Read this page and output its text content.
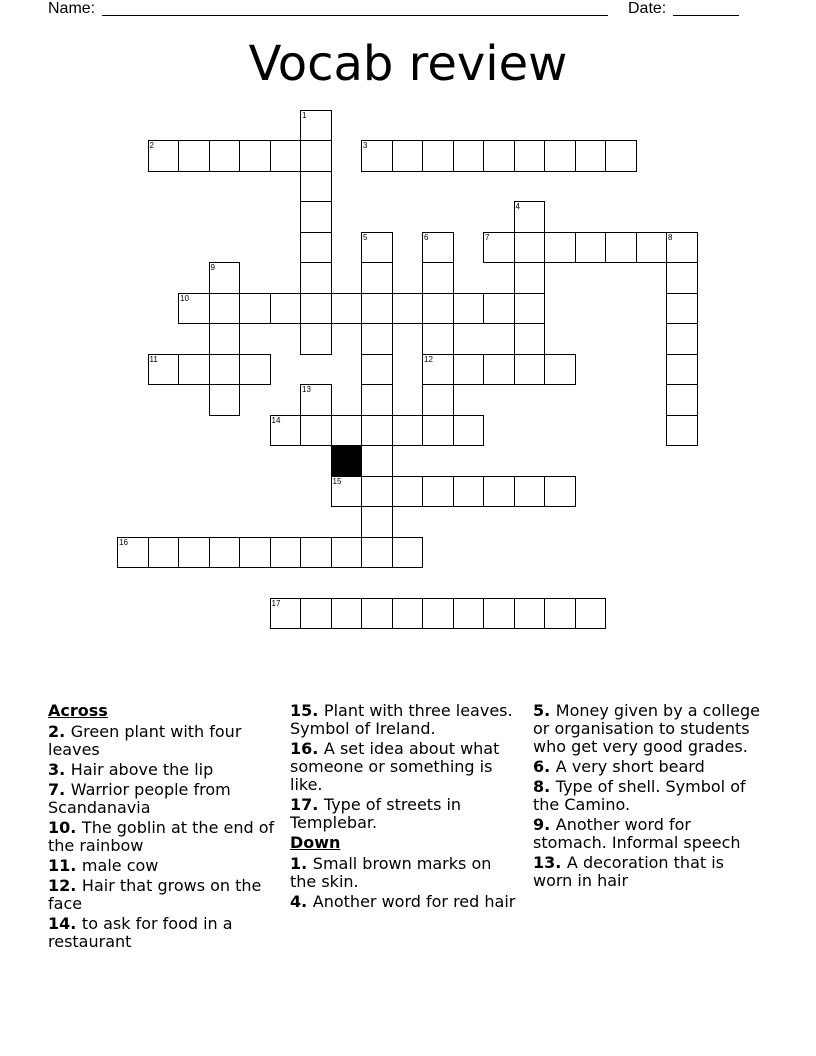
Name:	Date:
Vocab review
1
2	3
4
5	6
12
7	8
9
10
11
13
14
15
16
17
Across
2. Green plant with four leaves
3. Hair above the lip
7. Warrior people from Scandanavia
10. The goblin at the end of the rainbow
11. male cow
12. Hair that grows on the face
14. to ask for food in a restaurant
15. Plant with three leaves. Symbol of Ireland.
16. A set idea about what someone or something is like.
17. Type of streets in Templebar.
Down
1. Small brown marks on the skin.
4. Another word for red hair
5. Money given by a college or organisation to students who get very good grades.
6. A very short beard
8. Type of shell. Symbol of the Camino.
9. Another word for stomach. Informal speech
13. A decoration that is worn in hair
